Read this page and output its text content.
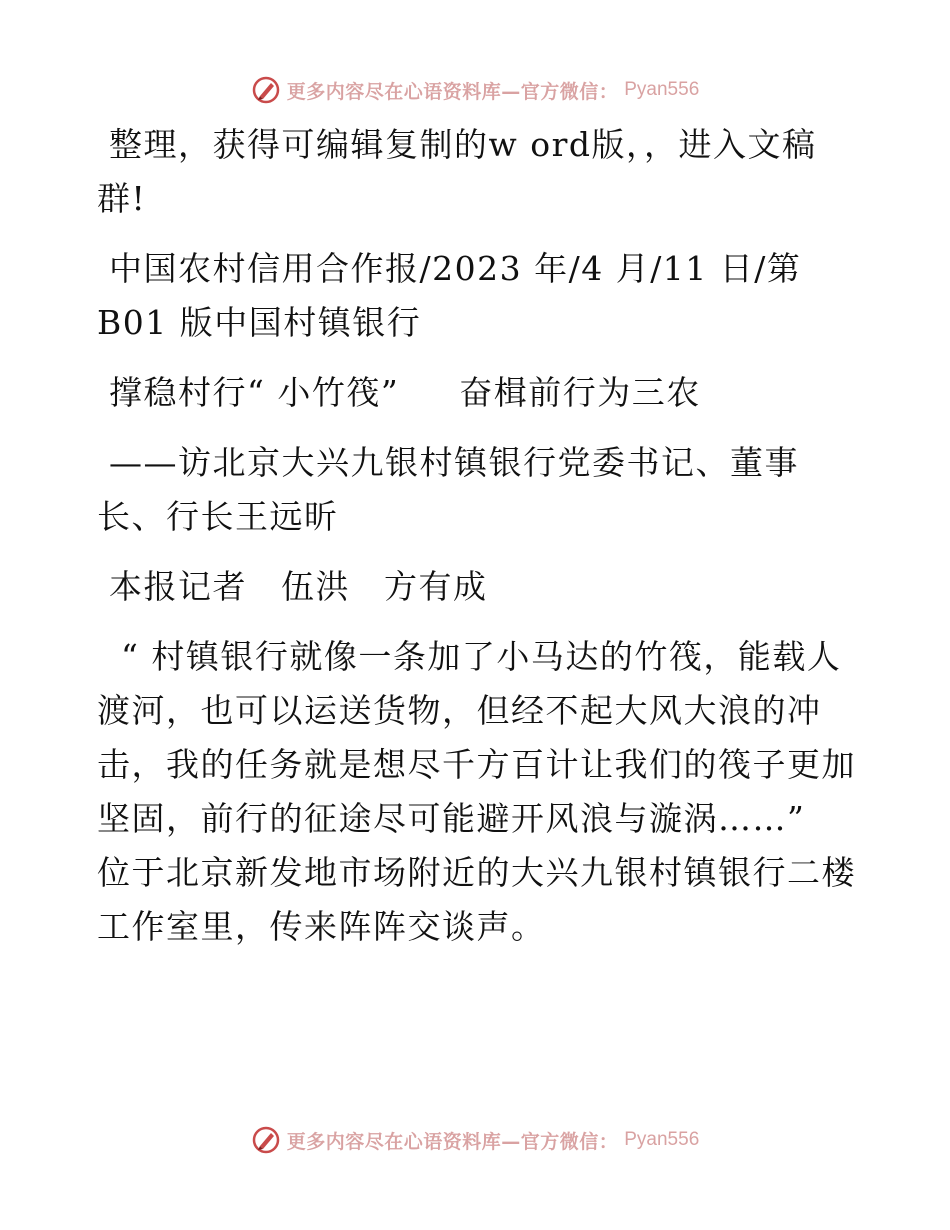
更多内容尽在心语资料库—官方微信： Pyan556
整理，获得可编辑复制的w ord版，，进入文稿
群!
中国农村信用合作报/2023 年/4 月/11 日/第
B01 版中国村镇银行
撑稳村行“ 小竹筏” 奋楫前行为三农
——访北京大兴九银村镇银行党委书记、董事
长、行长王远昕
本报记者 伍洪 方有成
“ 村镇银行就像一条加了小马达的竹筏，能载人
渡河，也可以运送货物，但经不起大风大浪的冲
击，我的任务就是想尽千方百计让我们的筏子更加
坚固，前行的征途尽可能避开风浪与漩涡……”
位于北京新发地市场附近的大兴九银村镇银行二楼
工作室里，传来阵阵交谈声。
更多内容尽在心语资料库—官方微信： Pyan556
